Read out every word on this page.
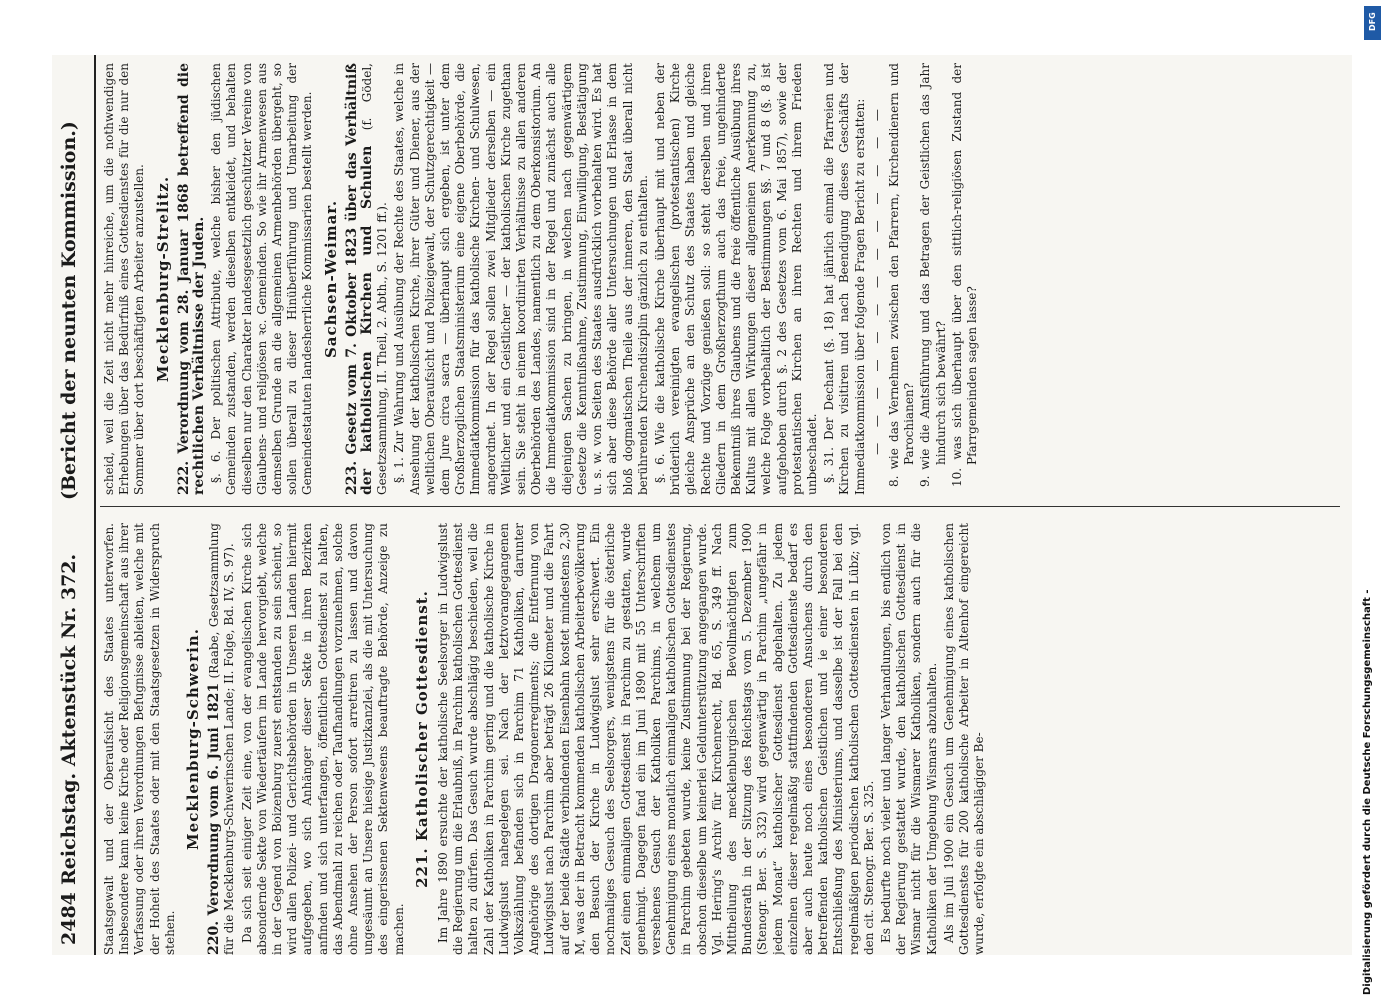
2484
Reichstag. Aktenstück Nr. 372.
(Bericht der neunten Kommission.)

Staatsgewalt und der Oberaufsicht des Staates unterworfen. Insbesondere kann keine Kirche oder Religionsgemeinschaft aus ihrer Verfassung oder ihren Verordnungen Befugnisse ableiten, welche mit der Hoheit des Staates oder mit den Staatsgesetzen in Widerspruch stehen.

Mecklenburg-Schwerin. 220. Verordnung vom 6. Juni 1821 (Raabe, Gesetzsammlung für die Mecklenburg-Schwerinschen Lande; II. Folge, Bd. IV, S. 97). Da sich seit einiger Zeit eine, von der evangelischen Kirche sich absondernde Sekte von Wiedertäufern im Lande hervorgiebt, welche in der Gegend von Boizenburg zuerst entstanden zu sein scheint, so wird allen Polizei- und Gerichtsbehörden in Unseren Landen hiermit aufgegeben, wo sich Anhänger dieser Sekte in ihren Bezirken anfinden und sich unterfangen, öffentlichen Gottesdienst zu halten, das Abendmahl zu reichen oder Taufhandlungen vorzunehmen, solche ohne Ansehen der Person sofort arretiren zu lassen und davon ungesäumt an Unsere hiesige Justizkanzlei, als die mit Untersuchung des eingerissenen Sektenwesens beauftragte Behörde, Anzeige zu machen.

221. Katholischer Gottesdienst. Im Jahre 1890 ersuchte der katholische Seelsorger in Ludwigslust die Regierung um die Erlaubniß, in Parchim katholischen Gottesdienst halten zu dürfen. Das Gesuch wurde abschlägig beschieden, weil die Zahl der Katholiken in Parchim gering und die katholische Kirche in Ludwigslust nahegelegen sei. Nach der letztvorangegangenen Volkszählung befanden sich in Parchim 71 Katholiken, darunter Angehörige des dortigen Dragonerregiments; die Entfernung von Ludwigslust nach Parchim aber beträgt 26 Kilometer und die Fahrt auf der beide Städte verbindenden Eisenbahn kostet mindestens 2,30 M, was der in Betracht kommenden katholischen Arbeiterbevölkerung den Besuch der Kirche in Ludwigslust sehr erschwert. Ein nochmaliges Gesuch des Seelsorgers, wenigstens für die österliche Zeit einen einmaligen Gottesdienst in Parchim zu gestatten, wurde genehmigt. Dagegen fand ein im Juni 1890 mit 55 Unterschriften versehenes Gesuch der Katholiken Parchims, in welchem um Genehmigung eines monatlich einmaligen katholischen Gottesdienstes in Parchim gebeten wurde, keine Zustimmung bei der Regierung, obschon dieselbe um keinerlei Geldunterstützung angegangen wurde. Vgl. Hering's Archiv für Kirchenrecht, Bd. 65, S. 349 ff. Nach Mittheilung des mecklenburgischen Bevollmächtigten zum Bundesrath in der Sitzung des Reichstags vom 5. Dezember 1900 (Stenogr. Ber. S. 332) wird gegenwärtig in Parchim „ungefähr in jedem Monat“ katholischer Gottesdienst abgehalten. Zu jedem einzelnen dieser regelmäßig stattfindenden Gottesdienste bedarf es aber auch heute noch eines besonderen Ansuchens durch den betreffenden katholischen Geistlichen und ie einer besonderen Entschließung des Ministeriums, und dasselbe ist der Fall bei den regelmäßigen periodischen katholischen Gottesdiensten in Lübz; vgl. den cit. Stenogr. Ber. S. 325. Es bedurfte noch vieler und langer Verhandlungen, bis endlich von der Regierung gestattet wurde, den katholischen Gottesdienst in Wismar nicht für die Wismarer Katholiken, sondern auch für die Katholiken der Umgebung Wismars abzuhalten. Als im Juli 1900 ein Gesuch um Genehmigung eines katholischen Gottesdienstes für 200 katholische Arbeiter in Altenhof eingereicht wurde, erfolgte ein abschlägiger Be-

scheid, weil die Zeit nicht mehr hinreiche, um die nothwendigen Erhebungen über das Bedürfniß eines Gottesdienstes für die nur den Sommer über dort beschäftigten Arbeiter anzustellen. Mecklenburg-Strelitz. 222. Verordnung vom 28. Januar 1868 betreffend die rechtlichen Verhältnisse der Juden. §. 6. Der politischen Attribute, welche bisher den jüdischen Gemeinden zustanden, werden dieselben entkleidet, und behalten dieselben nur den Charakter landesgesetzlich geschützter Vereine von Glaubens- und religiösen ꝛc. Gemeinden. So wie ihr Armenwesen aus demselben Grunde an die allgemeinen Armenbehörden übergeht, so sollen überall zu dieser Hinüberführung und Umarbeitung der Gemeindestatuten landesherrliche Kommissarien bestellt werden. Sachsen-Weimar. 223. Gesetz vom 7. Oktober 1823 über das Verhältniß der katholischen Kirchen und Schulen (f. Gödel, Gesetzsammlung, II. Theil, 2. Abth., S. 1201 ff.). §. 1. Zur Wahrung und Ausübung der Rechte des Staates, welche in Ansehung der katholischen Kirche, ihrer Güter und Diener, aus der weltlichen Oberaufsicht und Polizeigewalt, der Schutzgerechtigkeit — dem Jure circa sacra — überhaupt sich ergeben, ist unter dem Großherzoglichen Staatsministerium eine eigene Oberbehörde, die Immediatkommission für das katholische Kirchen- und Schulwesen, angeordnet. In der Regel sollen zwei Mitglieder derselben — ein Weltlicher und ein Geistlicher — der katholischen Kirche zugethan sein. Sie steht in einem koordinirten Verhältnisse zu allen anderen Oberbehörden des Landes, namentlich zu dem Oberkonsistorium. An die Immediatkommission sind in der Regel und zunächst auch alle diejenigen Sachen zu bringen, in welchen nach gegenwärtigem Gesetze die Kenntnißnahme, Zustimmung, Einwilligung, Bestätigung u. s. w. von Seiten des Staates ausdrücklich vorbehalten wird. Es hat sich aber diese Behörde aller Untersuchungen und Erlasse in dem bloß dogmatischen Theile aus der inneren, den Staat überall nicht berührenden Kirchendisziplin gänzlich zu enthalten. §. 6. Wie die katholische Kirche überhaupt mit und neben der brüderlich vereinigten evangelischen (protestantischen) Kirche gleiche Ansprüche an den Schutz des Staates haben und gleiche Rechte und Vorzüge genießen soll: so steht derselben und ihren Gliedern in dem Großherzogthum auch das freie, ungehinderte Bekenntniß ihres Glaubens und die freie öffentliche Ausübung ihres Kultus mit allen Wirkungen dieser allgemeinen Anerkennung zu, welche Folge vorbehaltlich der Bestimmungen §§. 7 und 8 (§. 8 ist aufgehoben durch §. 2 des Gesetzes vom 6. Mai 1857), sowie der protestantischen Kirchen an ihren Rechten und ihrem Frieden unbeschadet. §. 31. Der Dechant (§. 18) hat jährlich einmal die Pfarreien und Kirchen zu visitiren und nach Beendigung dieses Geschäfts der Immediatkommission über folgende Fragen Bericht zu erstatten: — — — — — — — — — — — — — 8. wie das Vernehmen zwischen den Pfarrern, Kirchendienern und Parochianen? 9. wie die Amtsführung und das Betragen der Geistlichen das Jahr hindurch sich bewährt? 10. was sich überhaupt über den sittlich-religiösen Zustand der Pfarrgemeinden sagen lasse?
Digitalisierung gefördert durch die Deutsche Forschungsgemeinschaft -
DFG
